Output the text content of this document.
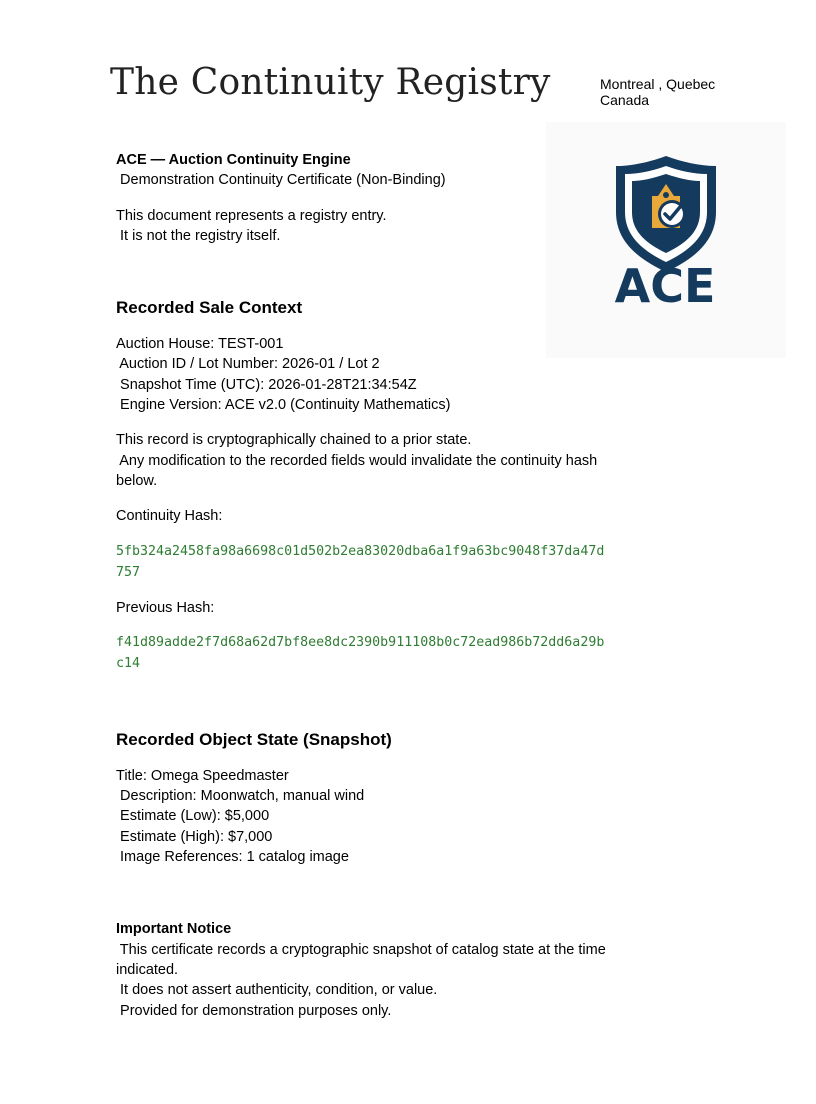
The Continuity Registry	Montreal , Quebec
Canada
ACE
ACE — Auction Continuity Engine
Demonstration Continuity Certificate (Non-Binding)
This document represents a registry entry.
It is not the registry itself.
Recorded Sale Context
Auction House: TEST-001
Auction ID / Lot Number: 2026-01 / Lot 2
Snapshot Time (UTC): 2026-01-28T21:34:54Z
Engine Version: ACE v2.0 (Continuity Mathematics)
This record is cryptographically chained to a prior state.
Any modification to the recorded fields would invalidate the continuity hash
below.
Continuity Hash:
5fb324a2458fa98a6698c01d502b2ea83020dba6a1f9a63bc9048f37da47d757
Previous Hash:
f41d89adde2f7d68a62d7bf8ee8dc2390b911108b0c72ead986b72dd6a29bc14
Recorded Object State (Snapshot)
Title: Omega Speedmaster
Description: Moonwatch, manual wind
Estimate (Low): $5,000
Estimate (High): $7,000
Image References: 1 catalog image
Important Notice
This certificate records a cryptographic snapshot of catalog state at the time
indicated.
It does not assert authenticity, condition, or value.
Provided for demonstration purposes only.
